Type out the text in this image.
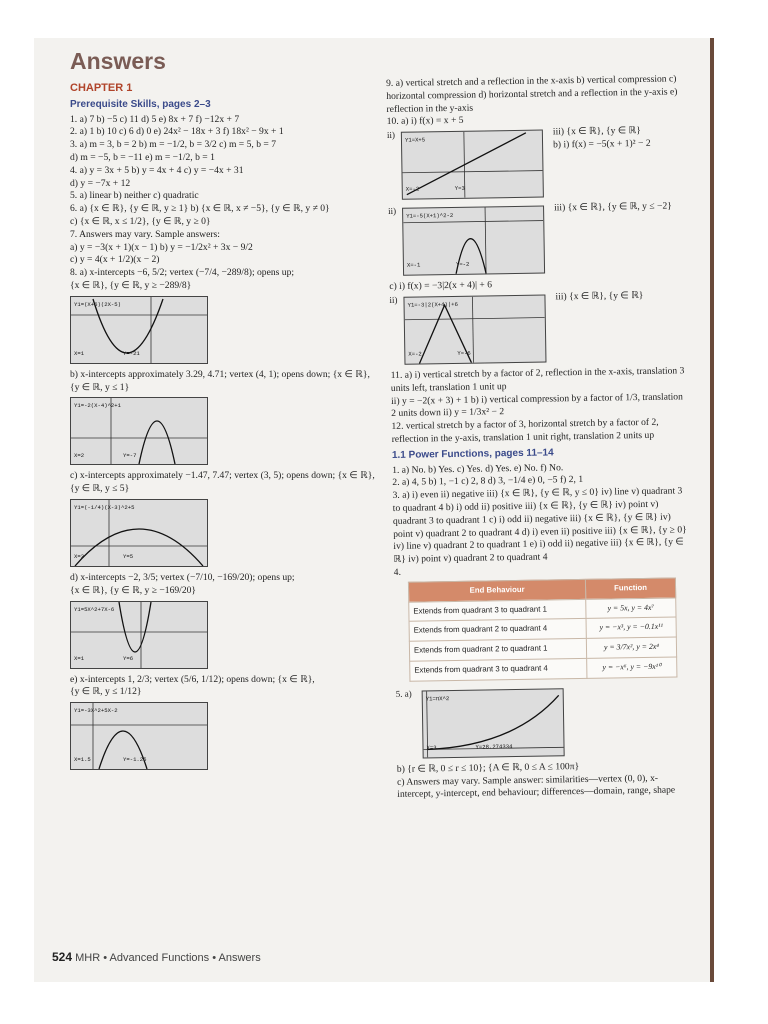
Answers
CHAPTER 1
Prerequisite Skills, pages 2–3
1. a) 7 b) −5 c) 11 d) 5 e) 8x + 7 f) −12x + 7
2. a) 1 b) 10 c) 6 d) 0 e) 24x² − 18x + 3 f) 18x² − 9x + 1
3. a) m = 3, b = 2 b) m = −1/2, b = 3/2 c) m = 5, b = 7
d) m = −5, b = −11 e) m = −1/2, b = 1
4. a) y = 3x + 5 b) y = 4x + 4 c) y = −4x + 31
d) y = −7x + 12
5. a) linear b) neither c) quadratic
6. a) {x ∈ ℝ}, {y ∈ ℝ, y ≥ 1} b) {x ∈ ℝ, x ≠ −5}, {y ∈ ℝ, y ≠ 0}
c) {x ∈ ℝ, x ≤ 1/2}, {y ∈ ℝ, y ≥ 0}
7. Answers may vary. Sample answers:
a) y = −3(x + 1)(x − 1) b) y = −1/2x² + 3x − 9/2
c) y = 4(x + 1/2)(x − 2)
8. a) x-intercepts −6, 5/2; vertex (−7/4, −289/8); opens up;
{x ∈ ℝ}, {y ∈ ℝ, y ≥ −289/8}
Y1=(X+6)(2X-5)
X=1	Y=-21
b) x-intercepts approximately 3.29, 4.71; vertex (4, 1); opens down; {x ∈ ℝ}, {y ∈ ℝ, y ≤ 1}
Y1=-2(X-4)^2+1
X=2	Y=-7
c) x-intercepts approximately −1.47, 7.47; vertex (3, 5); opens down; {x ∈ ℝ}, {y ∈ ℝ, y ≤ 5}
Y1=(-1/4)(X-3)^2+5
X=3	Y=5
d) x-intercepts −2, 3/5; vertex (−7/10, −169/20); opens up;
{x ∈ ℝ}, {y ∈ ℝ, y ≥ −169/20}
Y1=5X^2+7X-6
X=1	Y=6
e) x-intercepts 1, 2/3; vertex (5/6, 1/12); opens down; {x ∈ ℝ},
{y ∈ ℝ, y ≤ 1/12}
Y1=-3X^2+5X-2
X=1.5	Y=-1.25
9. a) vertical stretch and a reflection in the x-axis b) vertical compression c) horizontal compression d) horizontal stretch and a reflection in the y-axis e) reflection in the y-axis
10. a) i) f(x) = x + 5
ii)
Y1=X+5
X=-2	Y=3
iii) {x ∈ ℝ}, {y ∈ ℝ}
b) i) f(x) = −5(x + 1)² − 2
ii)	Y1=-5(X+1)^2-2
X=-1	Y=-2
iii) {x ∈ ℝ}, {y ∈ ℝ, y ≤ −2}
c) i) f(x) = −3|2(x + 4)| + 6
ii)	Y1=-3|2(X+4)|+6
X=-2	Y=-6
iii) {x ∈ ℝ}, {y ∈ ℝ}
11. a) i) vertical stretch by a factor of 2, reflection in the x-axis, translation 3 units left, translation 1 unit up
ii) y = −2(x + 3) + 1 b) i) vertical compression by a factor of 1/3, translation 2 units down ii) y = 1/3x² − 2
12. vertical stretch by a factor of 3, horizontal stretch by a factor of 2, reflection in the y-axis, translation 1 unit right, translation 2 units up
1.1 Power Functions, pages 11–14
1. a) No. b) Yes. c) Yes. d) Yes. e) No. f) No.
2. a) 4, 5 b) 1, −1 c) 2, 8 d) 3, −1/4 e) 0, −5 f) 2, 1
3. a) i) even ii) negative iii) {x ∈ ℝ}, {y ∈ ℝ, y ≤ 0} iv) line v) quadrant 3 to quadrant 4 b) i) odd ii) positive iii) {x ∈ ℝ}, {y ∈ ℝ} iv) point v) quadrant 3 to quadrant 1 c) i) odd ii) negative iii) {x ∈ ℝ}, {y ∈ ℝ} iv) point v) quadrant 2 to quadrant 4 d) i) even ii) positive iii) {x ∈ ℝ}, {y ≥ 0} iv) line v) quadrant 2 to quadrant 1 e) i) odd ii) negative iii) {x ∈ ℝ}, {y ∈ ℝ} iv) point v) quadrant 2 to quadrant 4
4.
End Behaviour	Function
Extends from quadrant 3 to quadrant 1	y = 5x, y = 4x⁷
Extends from quadrant 2 to quadrant 4	y = −x³, y = −0.1x¹¹
Extends from quadrant 2 to quadrant 1	y = 3/7x², y = 2x⁴
Extends from quadrant 3 to quadrant 4	y = −x⁶, y = −9x¹⁰
5. a)	Y1=πX^2
X=3	Y=28.274334
b) {r ∈ ℝ, 0 ≤ r ≤ 10}; {A ∈ ℝ, 0 ≤ A ≤ 100π}
c) Answers may vary. Sample answer: similarities—vertex (0, 0), x-intercept, y-intercept, end behaviour; differences—domain, range, shape
524 MHR • Advanced Functions • Answers
